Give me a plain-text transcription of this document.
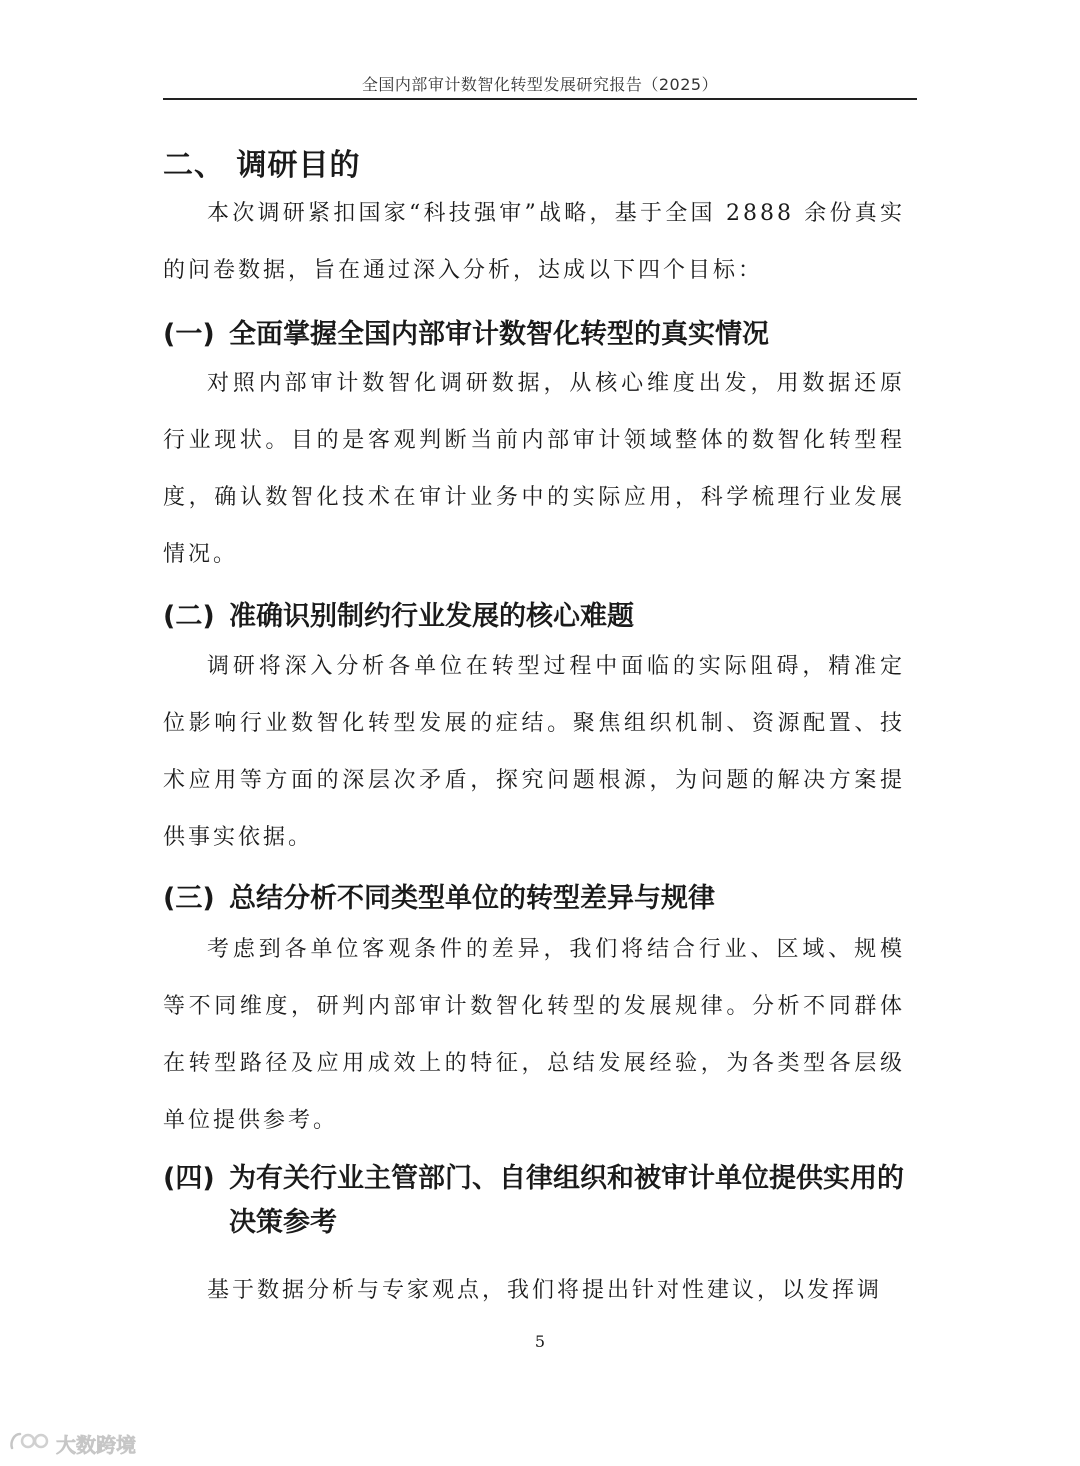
全国内部审计数智化转型发展研究报告（2025）
二、 调研目的

本次调研紧扣国家“科技强审”战略，基于全国 2888 余份真实的问卷数据，旨在通过深入分析，达成以下四个目标：

(一) 全面掌握全国内部审计数智化转型的真实情况

对照内部审计数智化调研数据，从核心维度出发，用数据还原行业现状。目的是客观判断当前内部审计领域整体的数智化转型程度，确认数智化技术在审计业务中的实际应用，科学梳理行业发展情况。

(二) 准确识别制约行业发展的核心难题

调研将深入分析各单位在转型过程中面临的实际阻碍，精准定位影响行业数智化转型发展的症结。聚焦组织机制、资源配置、技术应用等方面的深层次矛盾，探究问题根源，为问题的解决方案提供事实依据。

(三) 总结分析不同类型单位的转型差异与规律

考虑到各单位客观条件的差异，我们将结合行业、区域、规模等不同维度，研判内部审计数智化转型的发展规律。分析不同群体在转型路径及应用成效上的特征，总结发展经验，为各类型各层级单位提供参考。

(四) 为有关行业主管部门、自律组织和被审计单位提供实用的决策参考

基于数据分析与专家观点，我们将提出针对性建议，以发挥调

5
大数跨境
